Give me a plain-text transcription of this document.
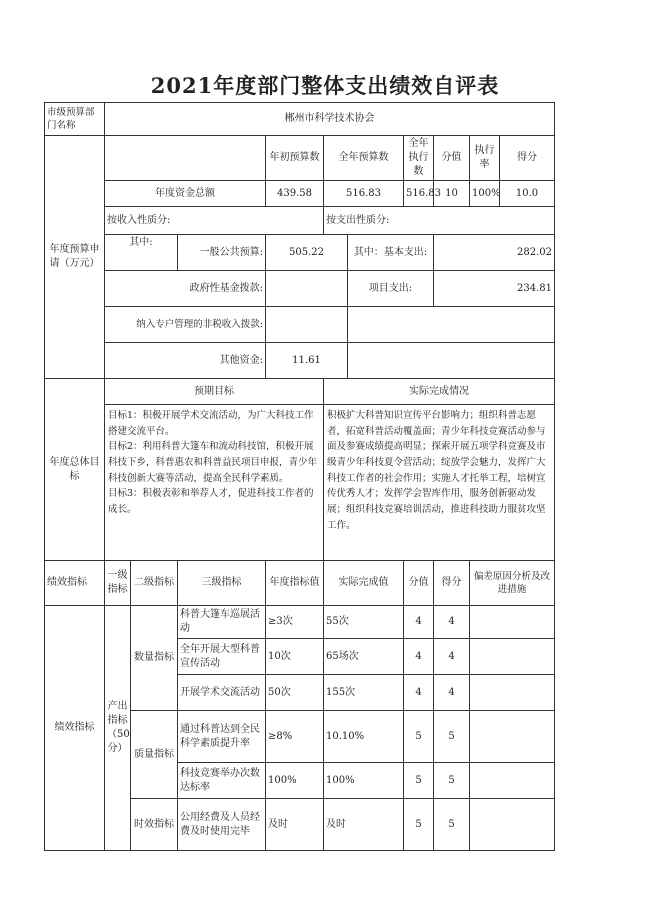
2021年度部门整体支出绩效自评表
市级预算部门名称	郴州市科学技术协会									
年度预算申请（万元）				年初预算数	全年预算数		全年执行数	分值	执行率	得分
	年度资金总额			439.58	516.83		516.83	10	100%	10.0
	按收入性质分:				按支出性质分:					
	其中:		一般公共预算:	505.22		其中：基本支出:		282.02		
	政府性基金拨款:					项目支出:		234.81		
	纳入专户管理的非税收入拨款:									
	其他资金:			11.61						
年度总体目标	预期目标				实际完成情况					
	目标1：积极开展学术交流活动，为广大科技工作搭建交流平台。
目标2：利用科普大篷车和流动科技馆，积极开展科技下乡，科普惠农和科普益民项目申报，青少年科技创新大赛等活动，提高全民科学素质。
目标3：积极表彰和举荐人才，促进科技工作者的成长。				积极扩大科普知识宣传平台影响力；组织科普志愿者，拓宽科普活动覆盖面；青少年科技竞赛活动参与面及参赛成绩提高明显；探索开展五项学科竞赛及市级青少年科技夏令营活动；绽放学会魅力，发挥广大科技工作者的社会作用；实施人才托举工程，培树宣传优秀人才；发挥学会智库作用，服务创新驱动发展；组织科技竞赛培训活动，推进科技助力服贫攻坚工作。					
绩效指标	一级指标	二级指标	三级指标	年度指标值	实际完成值		分值	得分	偏差原因分析及改进措施	
绩效指标	产出指标（50分）	数量指标	科普大篷车巡展活动	≥3次	55次		4	4		
			全年开展大型科普宣传活动	10次	65场次		4	4		
			开展学术交流活动	50次	155次		4	4		
		质量指标	通过科普达到全民科学素质提升率	≥8%	10.10%		5	5		
			科技竞赛举办次数达标率	100%	100%		5	5		
		时效指标	公用经费及人员经费及时使用完毕	及时	及时		5	5		
